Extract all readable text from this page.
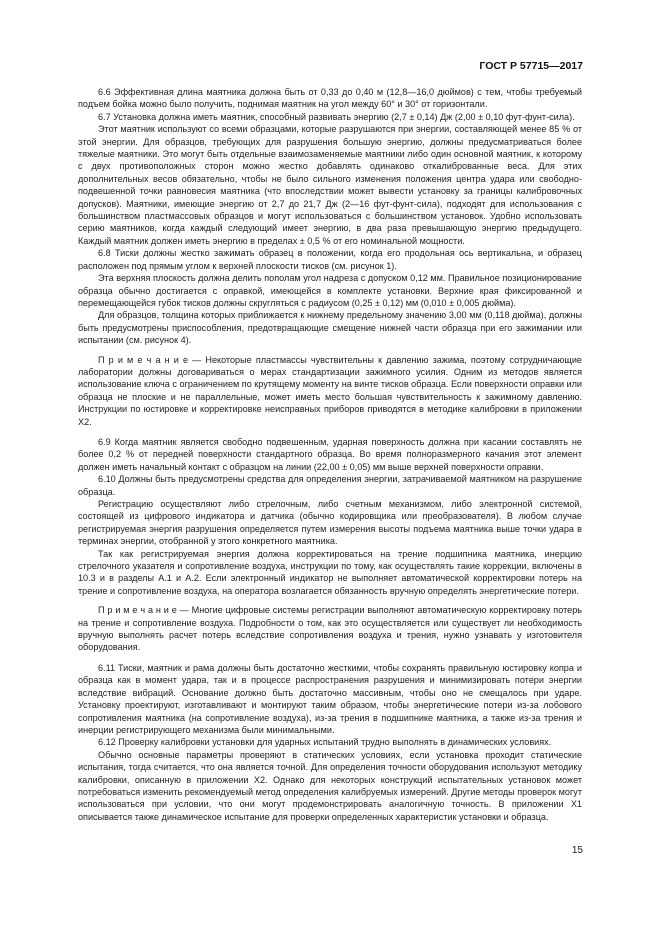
ГОСТ Р 57715—2017

6.6 Эффективная длина маятника должна быть от 0,33 до 0,40 м (12,8—16,0 дюймов) с тем, чтобы требуемый подъем бойка можно было получить, поднимая маятник на угол между 60° и 30° от горизонтали.

6.7 Установка должна иметь маятник, способный развивать энергию (2,7 ± 0,14) Дж (2,00 ± 0,10 фут-фунт-сила).

Этот маятник используют со всеми образцами, которые разрушаются при энергии, составляющей менее 85 % от этой энергии. Для образцов, требующих для разрушения большую энергию, должны предусматриваться более тяжелые маятники. Это могут быть отдельные взаимозаменяемые маятники либо один основной маятник, к которому с двух противоположных сторон можно жестко добавлять одинаково откалиброванные веса. Для этих дополнительных весов обязательно, чтобы не было сильного изменения положения центра удара или свободно-подвешенной точки равновесия маятника (что впоследствии может вывести установку за границы калибровочных допусков). Маятники, имеющие энергию от 2,7 до 21,7 Дж (2—16 фут-фунт-сила), подходят для использования с большинством пластмассовых образцов и могут использоваться с большинством установок. Удобно использовать серию маятников, когда каждый следующий имеет энергию, в два раза превышающую энергию предыдущего. Каждый маятник должен иметь энергию в пределах ± 0,5 % от его номинальной мощности.

6.8 Тиски должны жестко зажимать образец в положении, когда его продольная ось вертикальна, и образец расположен под прямым углом к верхней плоскости тисков (см. рисунок 1).

Эта верхняя плоскость должна делить пополам угол надреза с допуском 0,12 мм. Правильное позиционирование образца обычно достигается с оправкой, имеющейся в комплекте установки. Верхние края фиксированной и перемещающейся губок тисков должны скругляться с радиусом (0,25 ± 0,12) мм (0,010 ± 0,005 дюйма).

Для образцов, толщина которых приближается к нижнему предельному значению 3,00 мм (0,118 дюйма), должны быть предусмотрены приспособления, предотвращающие смещение нижней части образца при его зажимании или испытании (см. рисунок 4).

П р и м е ч а н и е — Некоторые пластмассы чувствительны к давлению зажима, поэтому сотрудничающие лаборатории должны договариваться о мерах стандартизации зажимного усилия. Одним из методов является использование ключа с ограничением по крутящему моменту на винте тисков образца. Если поверхности оправки или образца не плоские и не параллельные, может иметь место большая чувствительность к зажимному давлению. Инструкции по юстировке и корректировке неисправных приборов приводятся в методике калибровки в приложении X2.

6.9 Когда маятник является свободно подвешенным, ударная поверхность должна при касании составлять не более 0,2 % от передней поверхности стандартного образца. Во время полноразмерного качания этот элемент должен иметь начальный контакт с образцом на линии (22,00 ± 0,05) мм выше верхней поверхности оправки.

6.10 Должны быть предусмотрены средства для определения энергии, затрачиваемой маятником на разрушение образца.

Регистрацию осуществляют либо стрелочным, либо счетным механизмом, либо электронной системой, состоящей из цифрового индикатора и датчика (обычно кодировщика или преобразователя). В любом случае регистрируемая энергия разрушения определяется путем измерения высоты подъема маятника выше точки удара в терминах энергии, отобранной у этого конкретного маятника.

Так как регистрируемая энергия должна корректироваться на трение подшипника маятника, инерцию стрелочного указателя и сопротивление воздуха, инструкции по тому, как осуществлять такие коррекции, включены в 10.3 и в разделы А.1 и А.2. Если электронный индикатор не выполняет автоматической корректировки потерь на трение и сопротивление воздуха, на оператора возлагается обязанность вручную определять энергетические потери.

П р и м е ч а н и е — Многие цифровые системы регистрации выполняют автоматическую корректировку потерь на трение и сопротивление воздуха. Подробности о том, как это осуществляется или существует ли необходимость вручную выполнять расчет потерь вследствие сопротивления воздуха и трения, нужно узнавать у изготовителя оборудования.

6.11 Тиски, маятник и рама должны быть достаточно жесткими, чтобы сохранять правильную юстировку копра и образца как в момент удара, так и в процессе распространения разрушения и минимизировать потери энергии вследствие вибраций. Основание должно быть достаточно массивным, чтобы оно не смещалось при ударе. Установку проектируют, изготавливают и монтируют таким образом, чтобы энергетические потери из-за лобового сопротивления маятника (на сопротивление воздуха), из-за трения в подшипнике маятника, а также из-за трения и инерции регистрирующего механизма были минимальными.

6.12 Проверку калибровки установки для ударных испытаний трудно выполнять в динамических условиях.

Обычно основные параметры проверяют в статических условиях, если установка проходит статические испытания, тогда считается, что она является точной. Для определения точности оборудования используют методику калибровки, описанную в приложении X2. Однако для некоторых конструкций испытательных установок может потребоваться изменить рекомендуемый метод определения калибруемых измерений. Другие методы проверок могут использоваться при условии, что они могут продемонстрировать аналогичную точность. В приложении X1 описывается также динамическое испытание для проверки определенных характеристик установки и образца.

15
